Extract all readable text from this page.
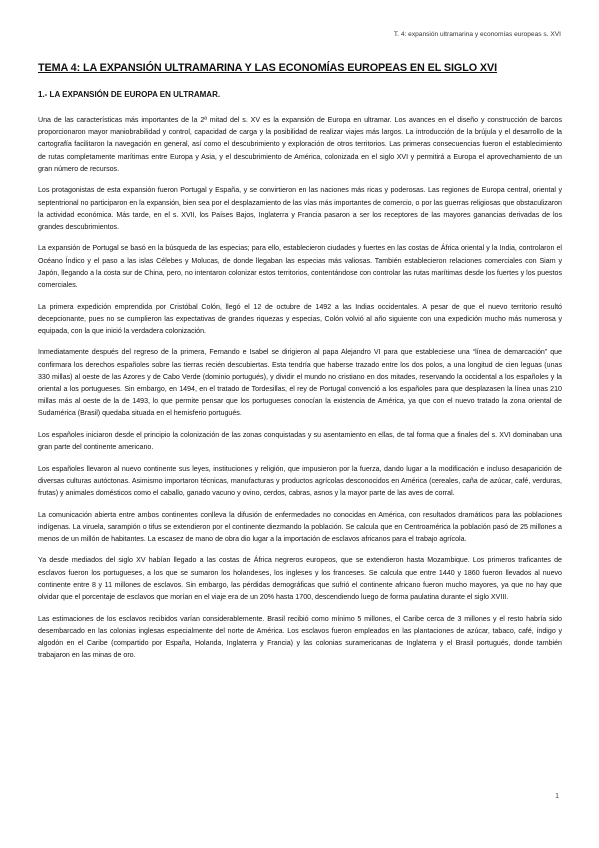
T. 4: expansión ultramarina y economías europeas s. XVI
TEMA 4: LA EXPANSIÓN ULTRAMARINA Y LAS ECONOMÍAS EUROPEAS EN EL SIGLO XVI
1.- LA EXPANSIÓN DE EUROPA EN ULTRAMAR.

Una de las características más importantes de la 2ª mitad del s. XV es la expansión de Europa en ultramar. Los avances en el diseño y construcción de barcos proporcionaron mayor maniobrabilidad y control, capacidad de carga y la posibilidad de realizar viajes más largos. La introducción de la brújula y el desarrollo de la cartografía facilitaron la navegación en general, así como el descubrimiento y exploración de otros territorios. Las primeras consecuencias fueron el establecimiento de rutas completamente marítimas entre Europa y Asia, y el descubrimiento de América, colonizada en el siglo XVI y permitirá a Europa el aprovechamiento de un gran número de recursos.

Los protagonistas de esta expansión fueron Portugal y España, y se convirtieron en las naciones más ricas y poderosas. Las regiones de Europa central, oriental y septentrional no participaron en la expansión, bien sea por el desplazamiento de las vías más importantes de comercio, o por las guerras religiosas que obstaculizaron la actividad económica. Más tarde, en el s. XVII, los Países Bajos, Inglaterra y Francia pasaron a ser los receptores de las mayores ganancias derivadas de los grandes descubrimientos.

La expansión de Portugal se basó en la búsqueda de las especias; para ello, establecieron ciudades y fuertes en las costas de África oriental y la India, controlaron el Océano Índico y el paso a las islas Célebes y Molucas, de donde llegaban las especias más valiosas. También establecieron relaciones comerciales con Siam y Japón, llegando a la costa sur de China, pero, no intentaron colonizar estos territorios, contentándose con controlar las rutas marítimas desde los fuertes y los puestos comerciales.

La primera expedición emprendida por Cristóbal Colón, llegó el 12 de octubre de 1492 a las Indias occidentales. A pesar de que el nuevo territorio resultó decepcionante, pues no se cumplieron las expectativas de grandes riquezas y especias, Colón volvió al año siguiente con una expedición mucho más numerosa y equipada, con la que inició la verdadera colonización.

Inmediatamente después del regreso de la primera, Fernando e Isabel se dirigieron al papa Alejandro VI para que estableciese una “línea de demarcación” que confirmara los derechos españoles sobre las tierras recién descubiertas. Esta tendría que haberse trazado entre los dos polos, a una longitud de cien leguas (unas 330 millas) al oeste de las Azores y de Cabo Verde (dominio portugués), y dividir el mundo no cristiano en dos mitades, reservando la occidental a los españoles y la oriental a los portugueses. Sin embargo, en 1494, en el tratado de Tordesillas, el rey de Portugal convenció a los españoles para que desplazasen la línea unas 210 millas más al oeste de la de 1493, lo que permite pensar que los portugueses conocían la existencia de América, ya que con el nuevo tratado la zona oriental de Sudamérica (Brasil) quedaba situada en el hemisferio portugués.

Los españoles iniciaron desde el principio la colonización de las zonas conquistadas y su asentamiento en ellas, de tal forma que a finales del s. XVI dominaban una gran parte del continente americano.

Los españoles llevaron al nuevo continente sus leyes, instituciones y religión, que impusieron por la fuerza, dando lugar a la modificación e incluso desaparición de diversas culturas autóctonas. Asimismo importaron técnicas, manufacturas y productos agrícolas desconocidos en América (cereales, caña de azúcar, café, verduras, frutas) y animales domésticos como el caballo, ganado vacuno y ovino, cerdos, cabras, asnos y la mayor parte de las aves de corral.

La comunicación abierta entre ambos continentes conlleva la difusión de enfermedades no conocidas en América, con resultados dramáticos para las poblaciones indígenas. La viruela, sarampión o tifus se extendieron por el continente diezmando la población. Se calcula que en Centroamérica la población pasó de 25 millones a menos de un millón de habitantes. La escasez de mano de obra dio lugar a la importación de esclavos africanos para el trabajo agrícola.

Ya desde mediados del siglo XV habían llegado a las costas de África negreros europeos, que se extendieron hasta Mozambique. Los primeros traficantes de esclavos fueron los portugueses, a los que se sumaron los holandeses, los ingleses y los franceses. Se calcula que entre 1440 y 1860 fueron llevados al nuevo continente entre 8 y 11 millones de esclavos. Sin embargo, las pérdidas demográficas que sufrió el continente africano fueron mucho mayores, ya que no hay que olvidar que el porcentaje de esclavos que morían en el viaje era de un 20% hasta 1700, descendiendo luego de forma paulatina durante el siglo XVIII.

Las estimaciones de los esclavos recibidos varían considerablemente. Brasil recibió como mínimo 5 millones, el Caribe cerca de 3 millones y el resto habría sido desembarcado en las colonias inglesas especialmente del norte de América. Los esclavos fueron empleados en las plantaciones de azúcar, tabaco, café, índigo y algodón en el Caribe (compartido por España, Holanda, Inglaterra y Francia) y las colonias suramericanas de Inglaterra y el Brasil portugués, donde también trabajaron en las minas de oro.

1
